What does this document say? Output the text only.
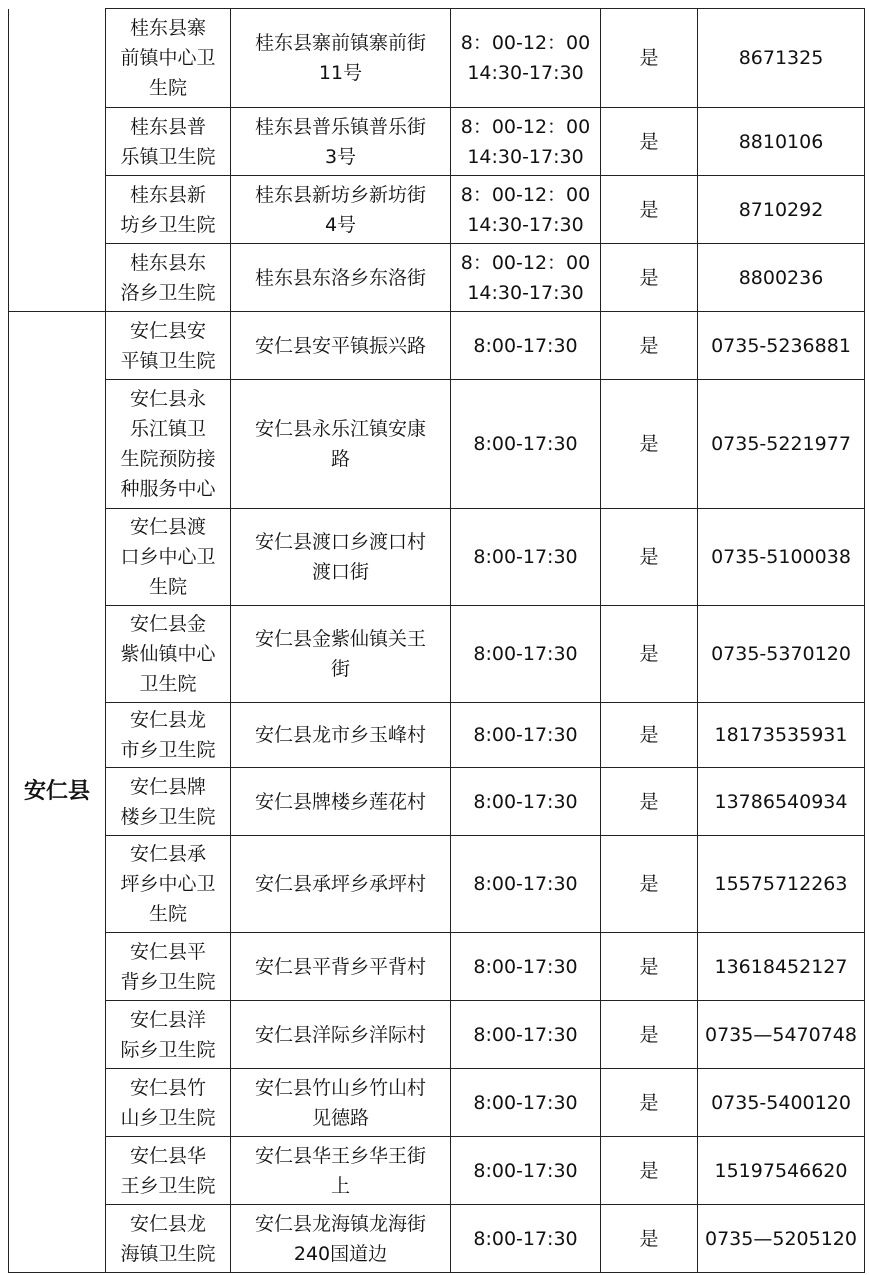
	桂东县寨
前镇中心卫
生院	桂东县寨前镇寨前街
11号	8：00-12：00
14:30-17:30	是	8671325

	桂东县普
乐镇卫生院	桂东县普乐镇普乐街
3号	8：00-12：00
14:30-17:30	是	8810106

	桂东县新
坊乡卫生院	桂东县新坊乡新坊街
4号	8：00-12：00
14:30-17:30	是	8710292

	桂东县东
洛乡卫生院	桂东县东洛乡东洛街	8：00-12：00
14:30-17:30	是	8800236
安仁县	安仁县安
平镇卫生院	安仁县安平镇振兴路	8:00-17:30	是	0735-5236881

	安仁县永
乐江镇卫
生院预防接
种服务中心	安仁县永乐江镇安康
路	8:00-17:30	是	0735-5221977

	安仁县渡
口乡中心卫
生院	安仁县渡口乡渡口村
渡口街	8:00-17:30	是	0735-5100038

	安仁县金
紫仙镇中心
卫生院	安仁县金紫仙镇关王
街	8:00-17:30	是	0735-5370120

	安仁县龙
市乡卫生院	安仁县龙市乡玉峰村	8:00-17:30	是	18173535931

	安仁县牌
楼乡卫生院	安仁县牌楼乡莲花村	8:00-17:30	是	13786540934

	安仁县承
坪乡中心卫
生院	安仁县承坪乡承坪村	8:00-17:30	是	15575712263

	安仁县平
背乡卫生院	安仁县平背乡平背村	8:00-17:30	是	13618452127

	安仁县洋
际乡卫生院	安仁县洋际乡洋际村	8:00-17:30	是	0735—5470748

	安仁县竹
山乡卫生院	安仁县竹山乡竹山村
见德路	8:00-17:30	是	0735-5400120

	安仁县华
王乡卫生院	安仁县华王乡华王街
上	8:00-17:30	是	15197546620

	安仁县龙
海镇卫生院	安仁县龙海镇龙海街
240国道边	8:00-17:30	是	0735—5205120
